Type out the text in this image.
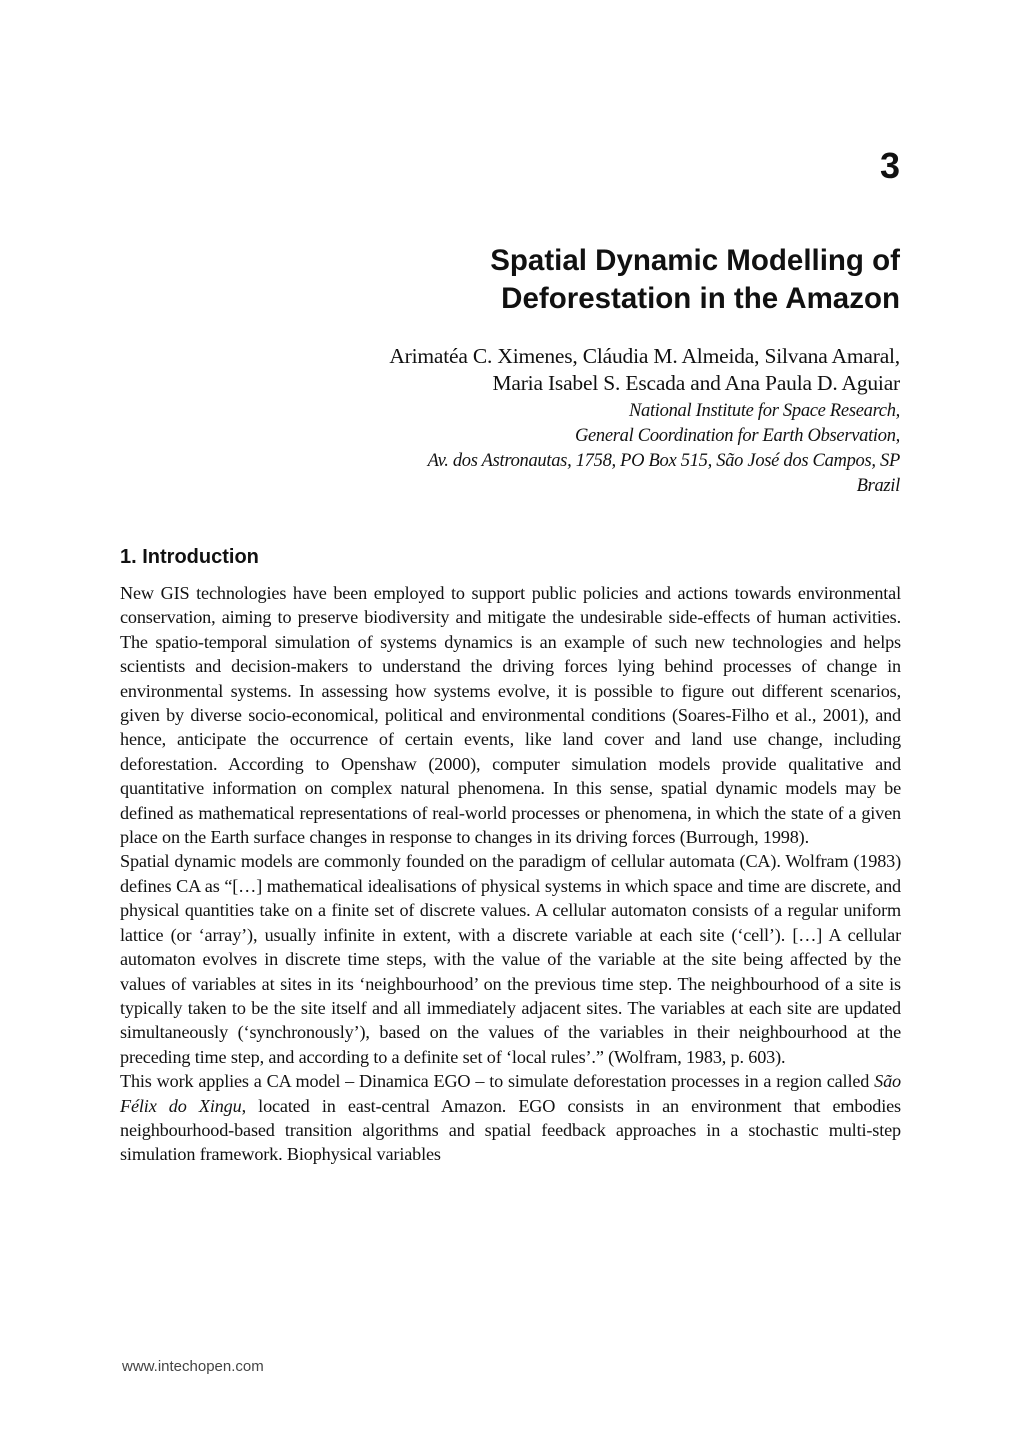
3
Spatial Dynamic Modelling of
Deforestation in the Amazon
Arimatéa C. Ximenes, Cláudia M. Almeida, Silvana Amaral,
Maria Isabel S. Escada and Ana Paula D. Aguiar
National Institute for Space Research,
General Coordination for Earth Observation,
Av. dos Astronautas, 1758, PO Box 515, São José dos Campos, SP
Brazil
1. Introduction

New GIS technologies have been employed to support public policies and actions towards environmental conservation, aiming to preserve biodiversity and mitigate the undesirable side-effects of human activities. The spatio-temporal simulation of systems dynamics is an example of such new technologies and helps scientists and decision-makers to understand the driving forces lying behind processes of change in environmental systems. In assessing how systems evolve, it is possible to figure out different scenarios, given by diverse socio-economical, political and environmental conditions (Soares-Filho et al., 2001), and hence, anticipate the occurrence of certain events, like land cover and land use change, including deforestation. According to Openshaw (2000), computer simulation models provide qualitative and quantitative information on complex natural phenomena. In this sense, spatial dynamic models may be defined as mathematical representations of real-world processes or phenomena, in which the state of a given place on the Earth surface changes in response to changes in its driving forces (Burrough, 1998).

Spatial dynamic models are commonly founded on the paradigm of cellular automata (CA). Wolfram (1983) defines CA as “[…] mathematical idealisations of physical systems in which space and time are discrete, and physical quantities take on a finite set of discrete values. A cellular automaton consists of a regular uniform lattice (or ‘array’), usually infinite in extent, with a discrete variable at each site (‘cell’). […] A cellular automaton evolves in discrete time steps, with the value of the variable at the site being affected by the values of variables at sites in its ‘neighbourhood’ on the previous time step. The neighbourhood of a site is typically taken to be the site itself and all immediately adjacent sites. The variables at each site are updated simultaneously (‘synchronously’), based on the values of the variables in their neighbourhood at the preceding time step, and according to a definite set of ‘local rules’.” (Wolfram, 1983, p. 603).

This work applies a CA model – Dinamica EGO – to simulate deforestation processes in a region called São Félix do Xingu, located in east-central Amazon. EGO consists in an environment that embodies neighbourhood-based transition algorithms and spatial feedback approaches in a stochastic multi-step simulation framework. Biophysical variables

www.intechopen.com
